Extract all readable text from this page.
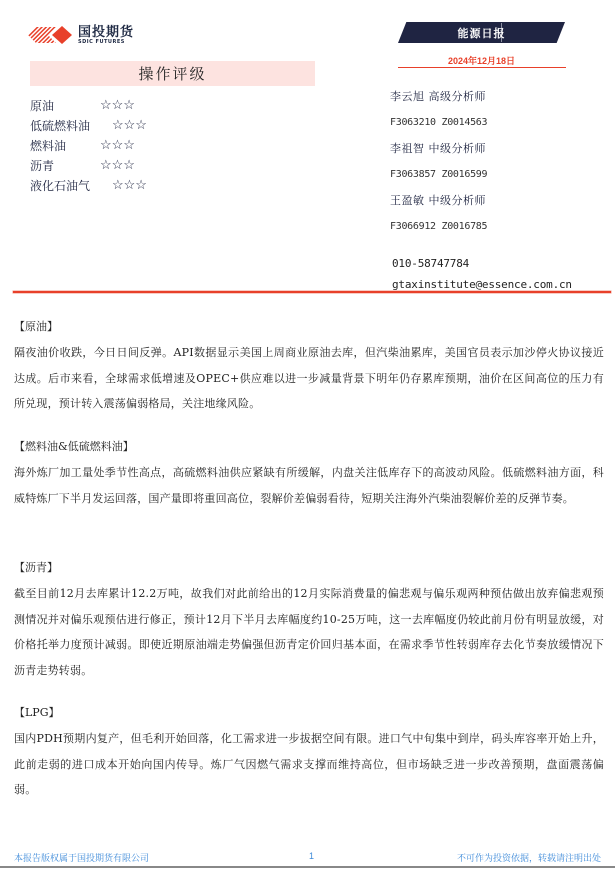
国投期货
SDIC FUTURES
操作评级
原油	☆☆☆
低硫燃料油	☆☆☆
燃料油	☆☆☆
沥青	☆☆☆
液化石油气	☆☆☆
能源日报
2024年12月18日
李云旭 高级分析师
F3063210 Z0014563
李祖智 中级分析师
F3063857 Z0016599
王盈敏 中级分析师
F3066912 Z0016785
010-58747784
gtaxinstitute@essence.com.cn
【原油】
隔夜油价收跌，今日日间反弹。API数据显示美国上周商业原油去库，但汽柴油累库，美国官员表示加沙停火协议接近达成。后市来看，全球需求低增速及OPEC+供应难以进一步减量背景下明年仍存累库预期，油价在区间高位的压力有所兑现，预计转入震荡偏弱格局，关注地缘风险。
【燃料油&低硫燃料油】
海外炼厂加工量处季节性高点，高硫燃料油供应紧缺有所缓解，内盘关注低库存下的高波动风险。低硫燃料油方面，科威特炼厂下半月发运回落，国产量即将重回高位，裂解价差偏弱看待，短期关注海外汽柴油裂解价差的反弹节奏。
【沥青】
截至目前12月去库累计12.2万吨，故我们对此前给出的12月实际消费量的偏悲观与偏乐观两种预估做出放弃偏悲观预测情况并对偏乐观预估进行修正，预计12月下半月去库幅度约10-25万吨，这一去库幅度仍较此前月份有明显放缓，对价格托举力度预计减弱。即使近期原油端走势偏强但沥青定价回归基本面，在需求季节性转弱库存去化节奏放缓情况下沥青走势转弱。
【LPG】
国内PDH预期内复产，但毛利开始回落，化工需求进一步拔据空间有限。进口气中旬集中到岸，码头库容率开始上升，此前走弱的进口成本开始向国内传导。炼厂气因燃气需求支撑而维持高位，但市场缺乏进一步改善预期，盘面震荡偏弱。
本报告版权属于国投期货有限公司	1	不可作为投资依据，转载请注明出处
